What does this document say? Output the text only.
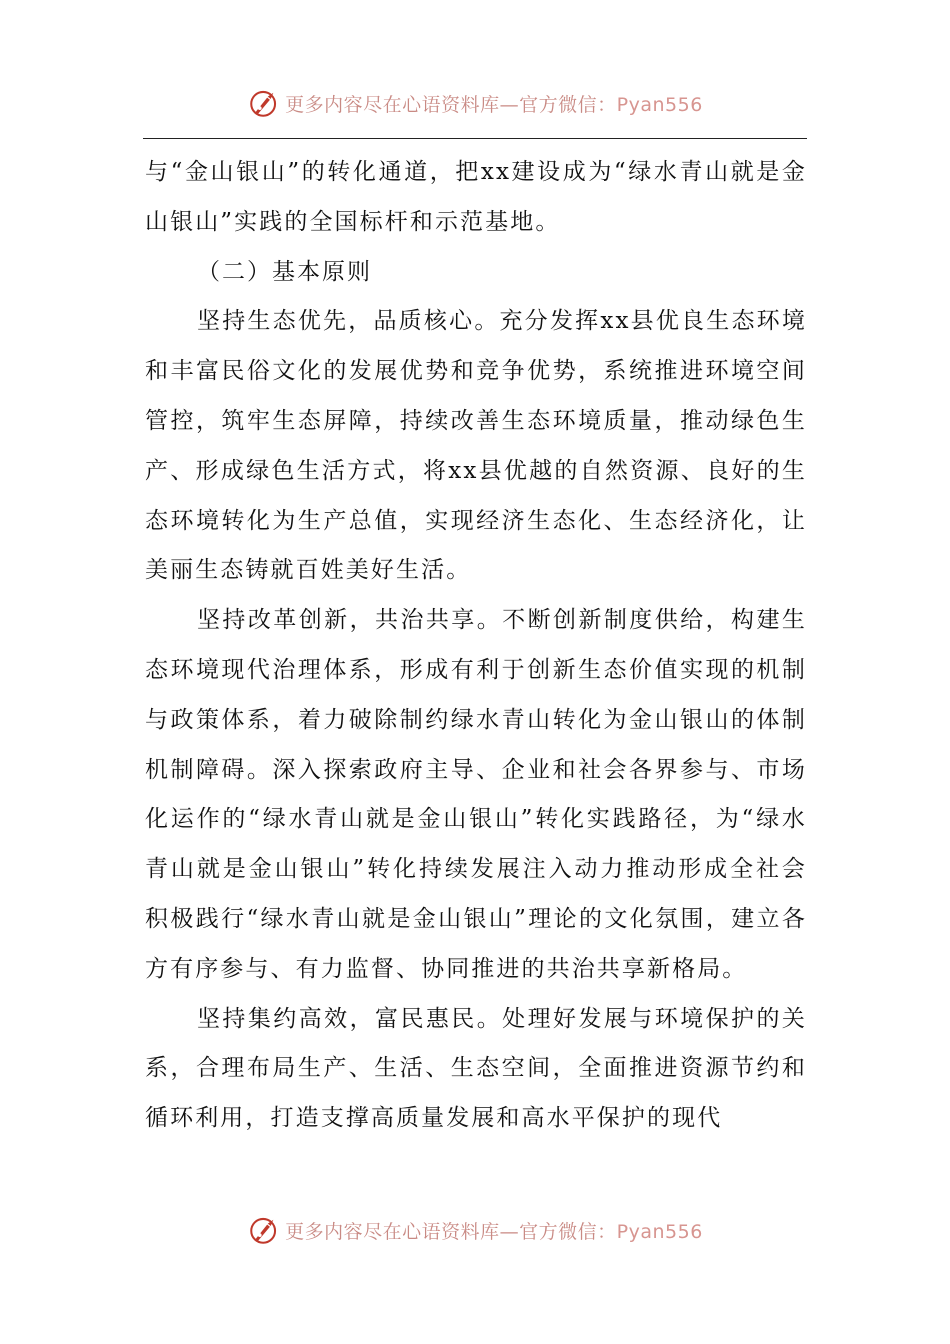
更多内容尽在心语资料库—官方微信：Pyan556

与“金山银山”的转化通道，把xx建设成为“绿水青山就是金山银山”实践的全国标杆和示范基地。

（二）基本原则

坚持生态优先，品质核心。充分发挥xx县优良生态环境和丰富民俗文化的发展优势和竞争优势，系统推进环境空间管控，筑牢生态屏障，持续改善生态环境质量，推动绿色生产、形成绿色生活方式，将xx县优越的自然资源、良好的生态环境转化为生产总值，实现经济生态化、生态经济化，让美丽生态铸就百姓美好生活。

坚持改革创新，共治共享。不断创新制度供给，构建生态环境现代治理体系，形成有利于创新生态价值实现的机制与政策体系，着力破除制约绿水青山转化为金山银山的体制机制障碍。深入探索政府主导、企业和社会各界参与、市场化运作的“绿水青山就是金山银山”转化实践路径，为“绿水青山就是金山银山”转化持续发展注入动力推动形成全社会积极践行“绿水青山就是金山银山”理论的文化氛围，建立各方有序参与、有力监督、协同推进的共治共享新格局。

坚持集约高效，富民惠民。处理好发展与环境保护的关系，合理布局生产、生活、生态空间，全面推进资源节约和循环利用，打造支撑高质量发展和高水平保护的现代

更多内容尽在心语资料库—官方微信：Pyan556
